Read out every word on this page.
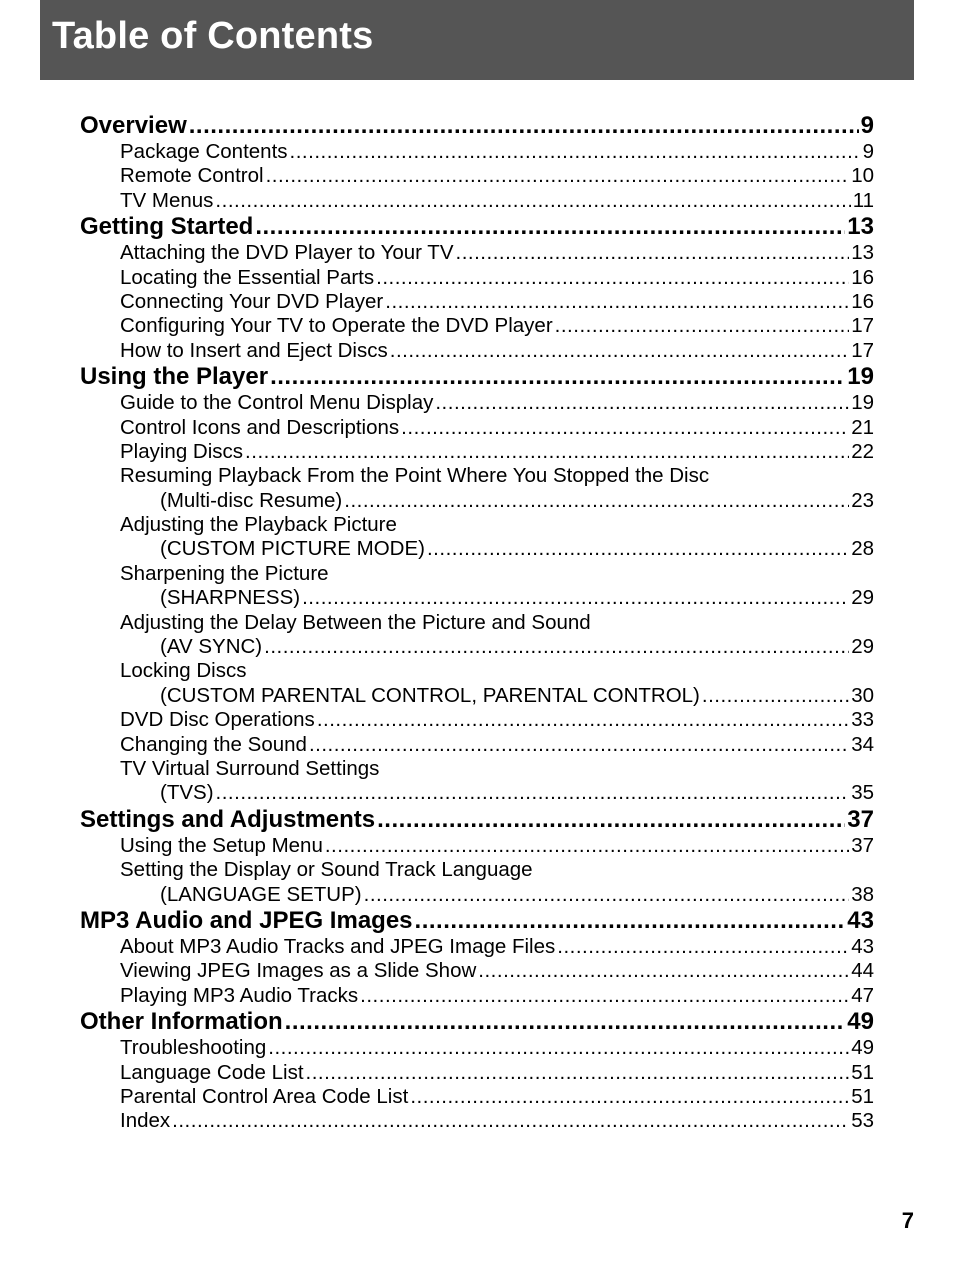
Table of Contents
Overview .....	9
Package Contents .....	9
Remote Control .....	10
TV Menus .....	11
Getting Started .....	13
Attaching the DVD Player to Your TV .....	13
Locating the Essential Parts .....	16
Connecting Your DVD Player .....	16
Configuring Your TV to Operate the DVD Player .....	17
How to Insert and Eject Discs .....	17
Using the Player .....	19
Guide to the Control Menu Display .....	19
Control Icons and Descriptions .....	21
Playing Discs .....	22
Resuming Playback From the Point Where You Stopped the Disc
(Multi-disc Resume) .....	23
Adjusting the Playback Picture
(CUSTOM PICTURE MODE) .....	28
Sharpening the Picture
(SHARPNESS) .....	29
Adjusting the Delay Between the Picture and Sound
(AV SYNC) .....	29
Locking Discs
(CUSTOM PARENTAL CONTROL, PARENTAL CONTROL) .....	30
DVD Disc Operations .....	33
Changing the Sound .....	34
TV Virtual Surround Settings
(TVS) .....	35
Settings and Adjustments .....	37
Using the Setup Menu .....	37
Setting the Display or Sound Track Language
(LANGUAGE SETUP) .....	38
MP3 Audio and JPEG Images .....	43
About MP3 Audio Tracks and JPEG Image Files .....	43
Viewing JPEG Images as a Slide Show .....	44
Playing MP3 Audio Tracks .....	47
Other Information .....	49
Troubleshooting .....	49
Language Code List .....	51
Parental Control Area Code List .....	51
Index .....	53
7
